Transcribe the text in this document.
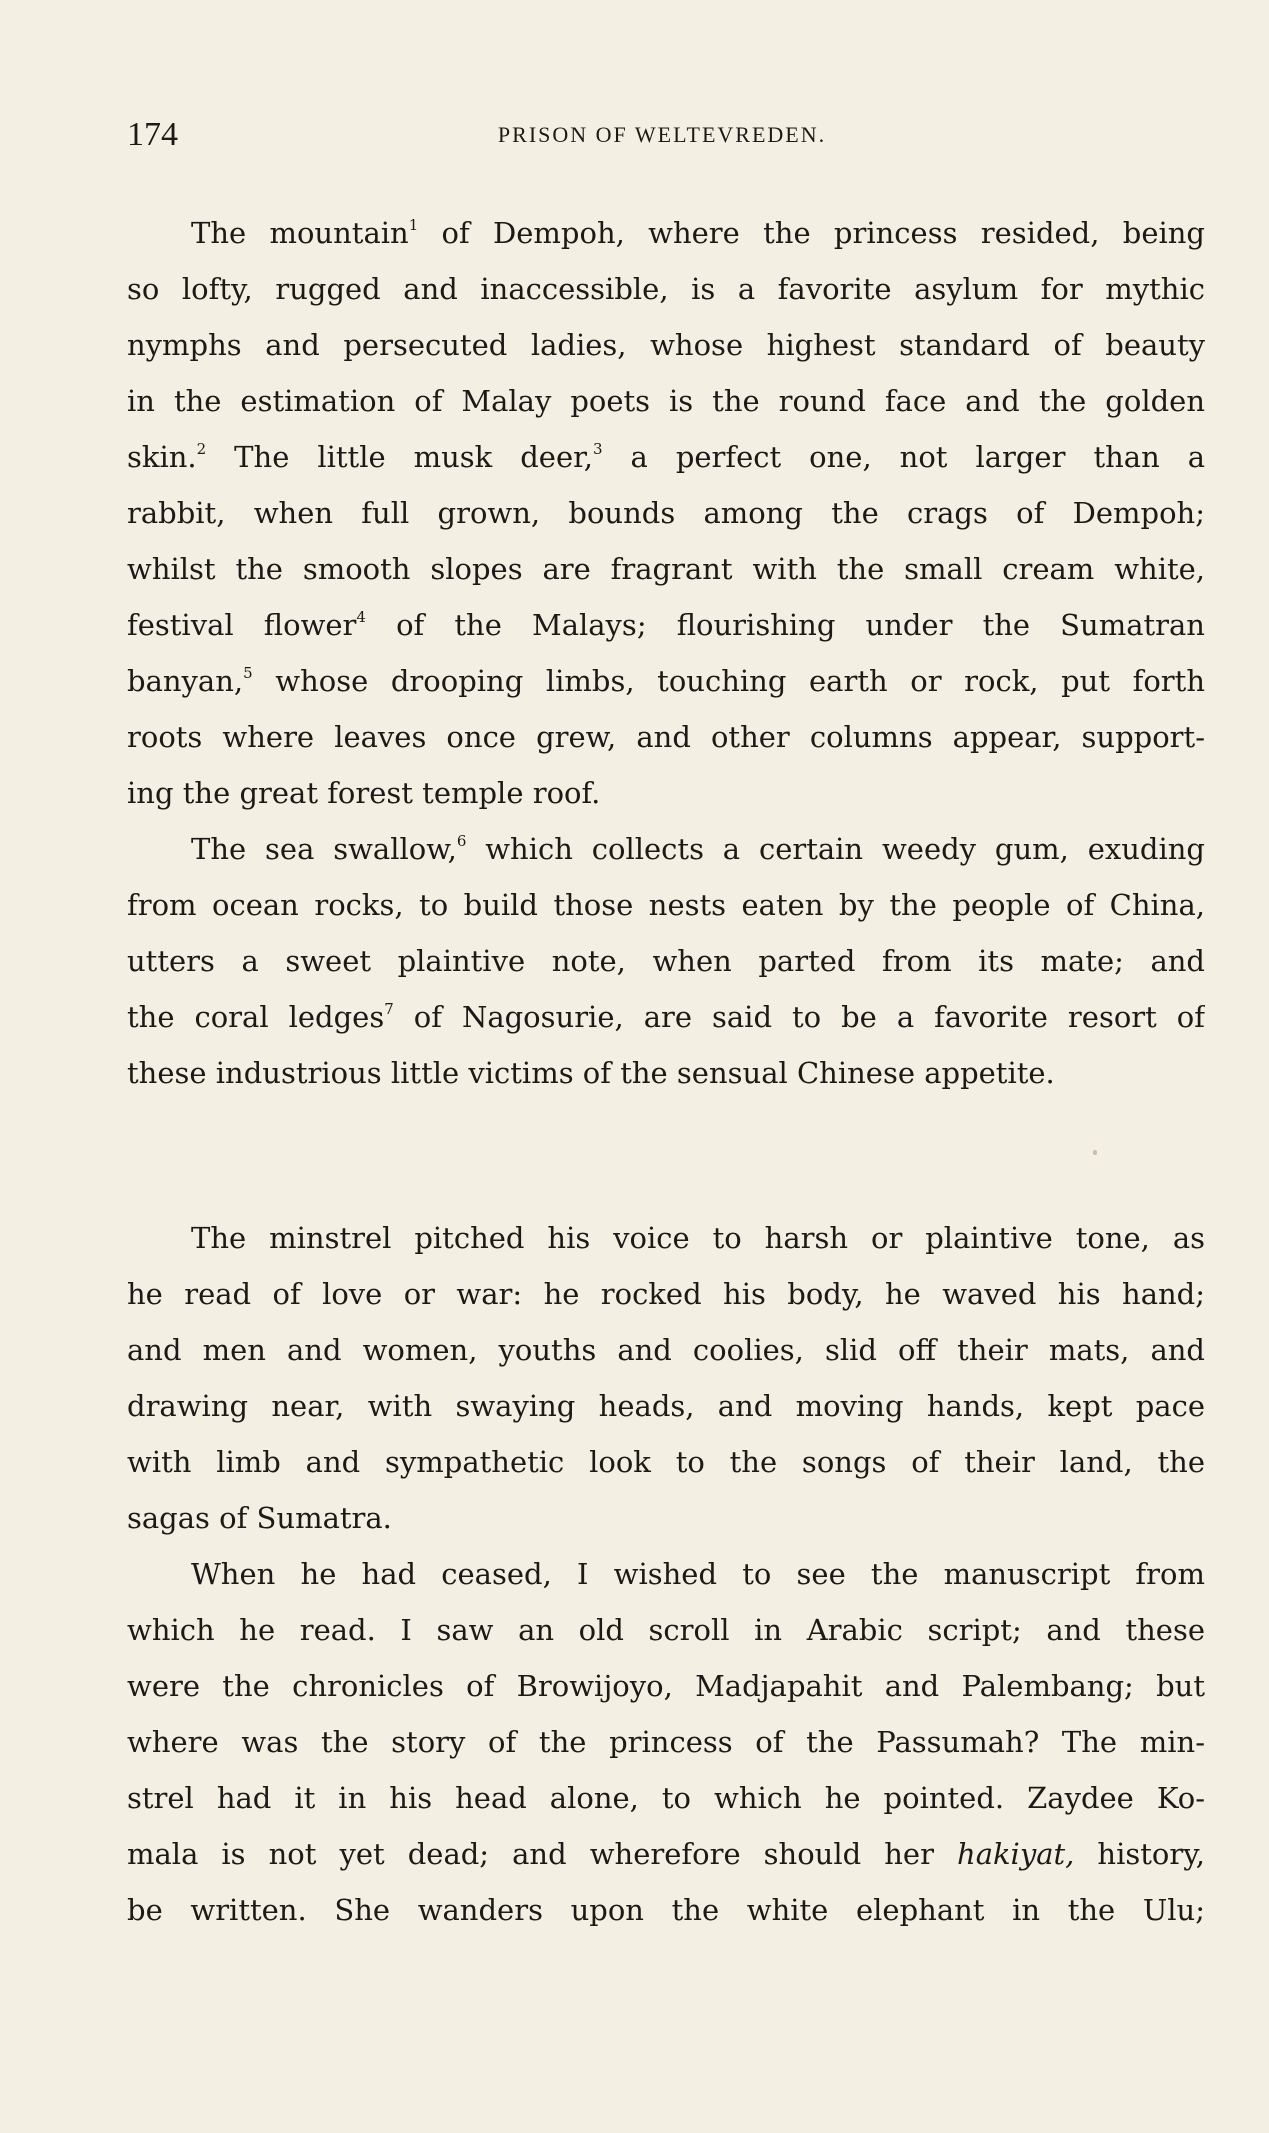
174	PRISON OF WELTEVREDEN.

The mountain$^1$ of Dempoh, where the princess resided, being
so lofty, rugged and inaccessible, is a favorite asylum for mythic
nymphs and persecuted ladies, whose highest standard of beauty
in the estimation of Malay poets is the round face and the golden
skin.$^2$ The little musk deer,$^3$ a perfect one, not larger than a
rabbit, when full grown, bounds among the crags of Dempoh;
whilst the smooth slopes are fragrant with the small cream white,
festival flower$^4$ of the Malays; flourishing under the Sumatran
banyan,$^5$ whose drooping limbs, touching earth or rock, put forth
roots where leaves once grew, and other columns appear, support-
ing the great forest temple roof.

The sea swallow,$^6$ which collects a certain weedy gum, exuding
from ocean rocks, to build those nests eaten by the people of China,
utters a sweet plaintive note, when parted from its mate; and
the coral ledges$^7$ of Nagosurie, are said to be a favorite resort of
these industrious little victims of the sensual Chinese appetite.

The minstrel pitched his voice to harsh or plaintive tone, as
he read of love or war: he rocked his body, he waved his hand;
and men and women, youths and coolies, slid off their mats, and
drawing near, with swaying heads, and moving hands, kept pace
with limb and sympathetic look to the songs of their land, the
sagas of Sumatra.

When he had ceased, I wished to see the manuscript from
which he read. I saw an old scroll in Arabic script; and these
were the chronicles of Browijoyo, Madjapahit and Palembang; but
where was the story of the princess of the Passumah? The min-
strel had it in his head alone, to which he pointed. Zaydee Ko-
mala is not yet dead; and wherefore should her hakiyat, history,
be written. She wanders upon the white elephant in the Ulu;
